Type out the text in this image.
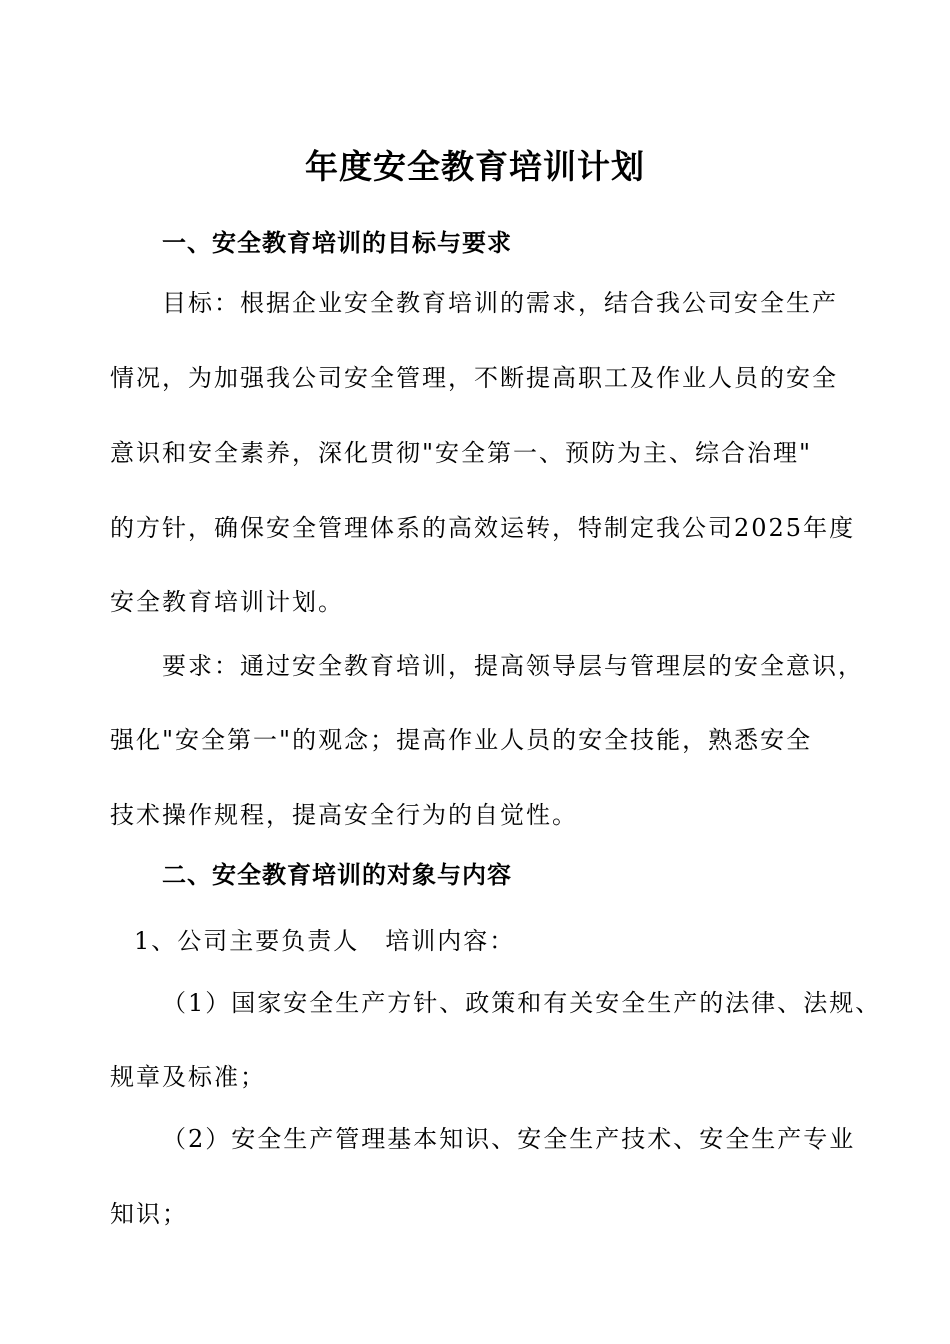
年度安全教育培训计划
一、安全教育培训的目标与要求
目标：根据企业安全教育培训的需求，结合我公司安全生产
情况，为加强我公司安全管理，不断提高职工及作业人员的安全
意识和安全素养，深化贯彻"安全第一、预防为主、综合治理"
的方针，确保安全管理体系的高效运转，特制定我公司2025年度
安全教育培训计划。
要求：通过安全教育培训，提高领导层与管理层的安全意识，
强化"安全第一"的观念；提高作业人员的安全技能，熟悉安全
技术操作规程，提高安全行为的自觉性。
二、安全教育培训的对象与内容
1、公司主要负责人　培训内容：
（1）国家安全生产方针、政策和有关安全生产的法律、法规、
规章及标准；
（2）安全生产管理基本知识、安全生产技术、安全生产专业
知识；
